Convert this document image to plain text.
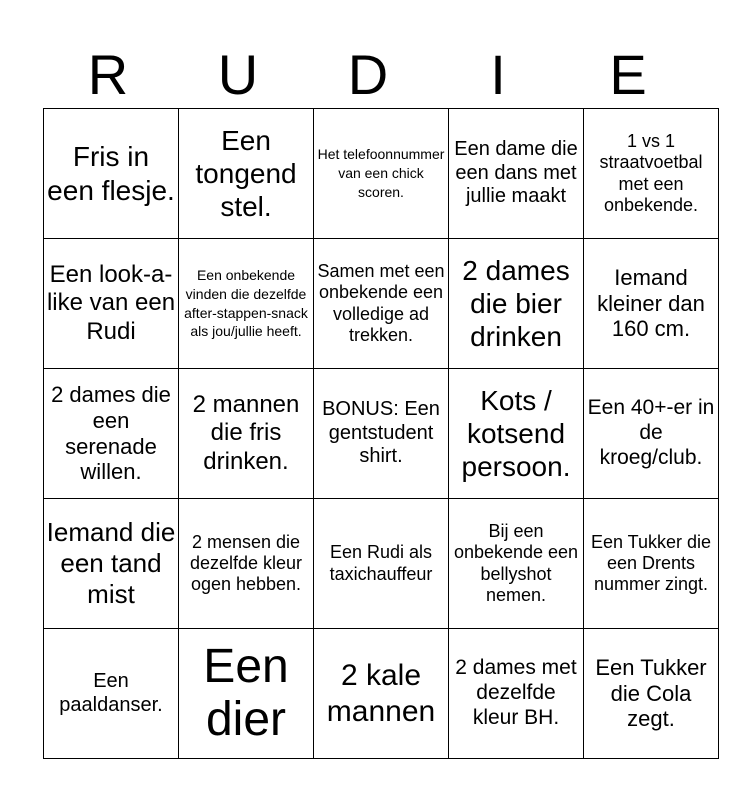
R	U	D	I	E
Fris in een flesje.	Een tongend stel.	Het telefoonnummer van een chick scoren.	Een dame die een dans met jullie maakt	1 vs 1 straatvoetbal met een onbekende.
Een look-a-like van een Rudi	Een onbekende vinden die dezelfde after-stappen-snack als jou/jullie heeft.	Samen met een onbekende een volledige ad trekken.	2 dames die bier drinken	Iemand kleiner dan 160 cm.
2 dames die een serenade willen.	2 mannen die fris drinken.	BONUS: Een gentstudent shirt.	Kots / kotsend persoon.	Een 40+-er in de kroeg/club.
Iemand die een tand mist	2 mensen die dezelfde kleur ogen hebben.	Een Rudi als taxichauffeur	Bij een onbekende een bellyshot nemen.	Een Tukker die een Drents nummer zingt.
Een paaldanser.	Een dier	2 kale mannen	2 dames met dezelfde kleur BH.	Een Tukker die Cola zegt.
